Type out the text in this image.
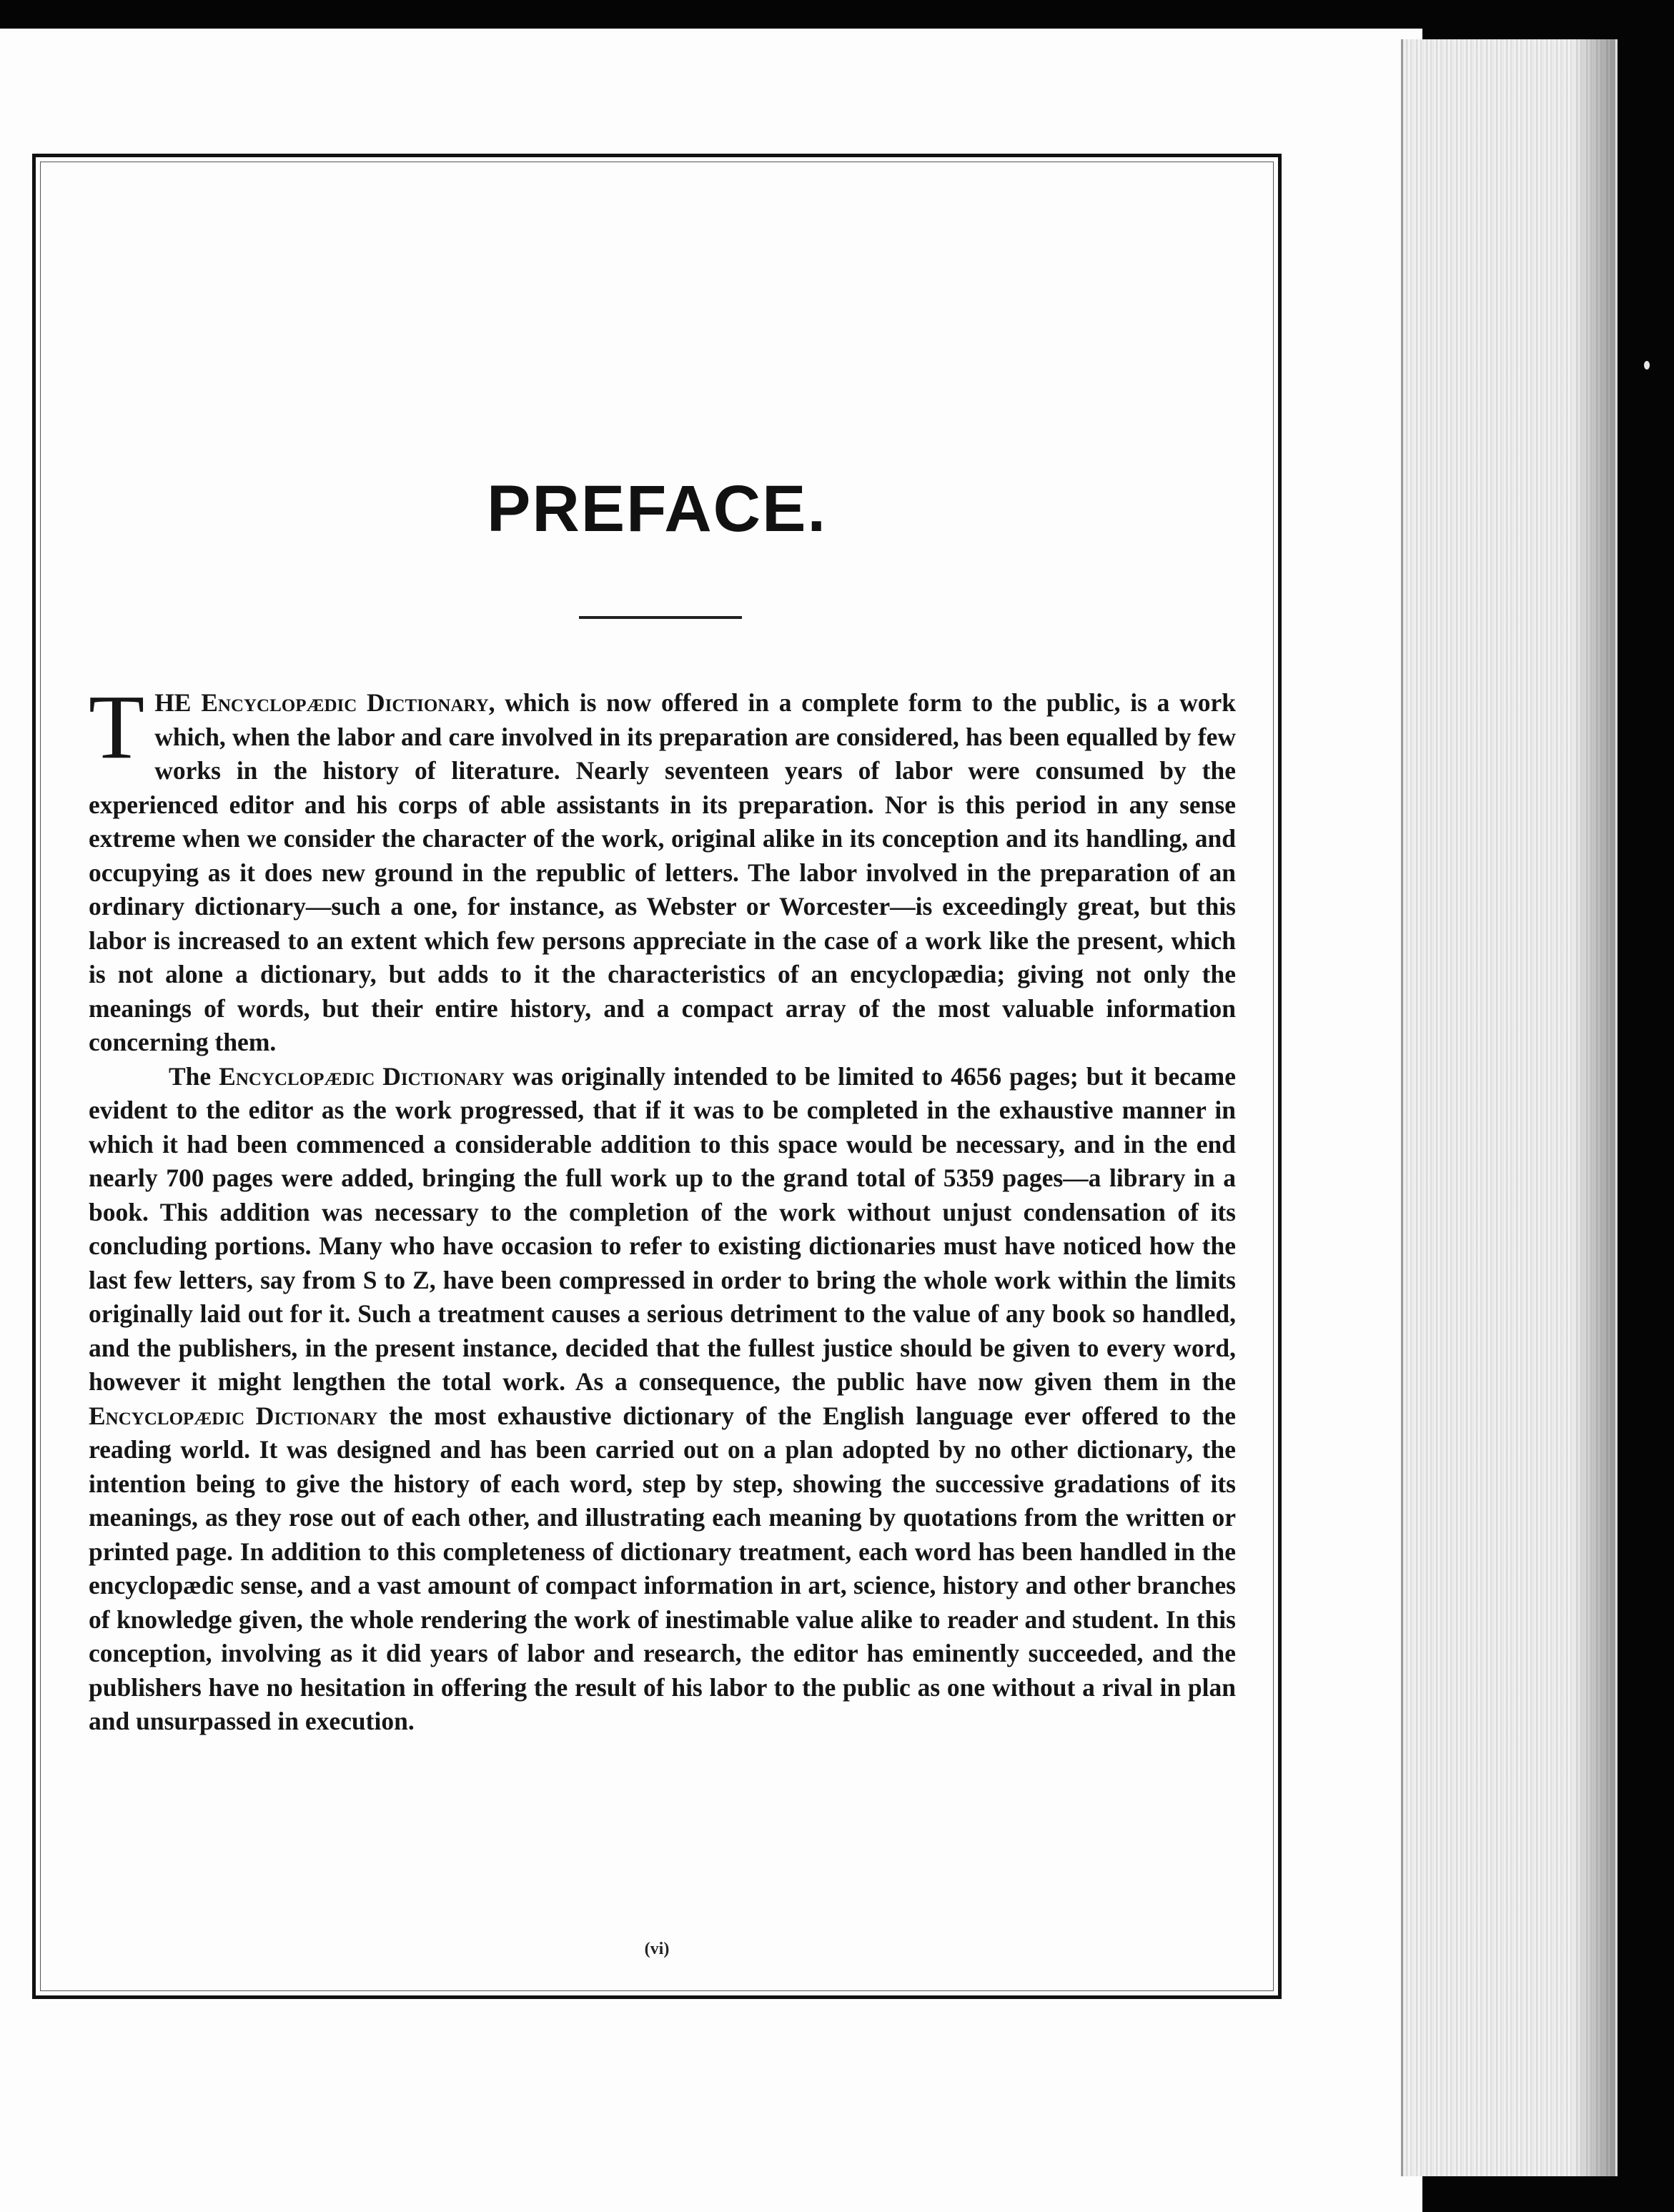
PREFACE.

THE Encyclopædic Dictionary, which is now offered in a complete form to the public, is a work which, when the labor and care involved in its preparation are considered, has been equalled by few works in the history of literature. Nearly seventeen years of labor were consumed by the experienced editor and his corps of able assistants in its preparation. Nor is this period in any sense extreme when we consider the character of the work, original alike in its conception and its handling, and occupying as it does new ground in the republic of letters. The labor involved in the preparation of an ordinary dictionary—such a one, for instance, as Webster or Worcester—is exceedingly great, but this labor is increased to an extent which few persons appreciate in the case of a work like the present, which is not alone a dictionary, but adds to it the characteristics of an encyclopædia; giving not only the meanings of words, but their entire history, and a compact array of the most valuable information concerning them.

The Encyclopædic Dictionary was originally intended to be limited to 4656 pages; but it became evident to the editor as the work progressed, that if it was to be completed in the exhaustive manner in which it had been commenced a considerable addition to this space would be necessary, and in the end nearly 700 pages were added, bringing the full work up to the grand total of 5359 pages—a library in a book. This addition was necessary to the completion of the work without unjust condensation of its concluding portions. Many who have occasion to refer to existing dictionaries must have noticed how the last few letters, say from S to Z, have been compressed in order to bring the whole work within the limits originally laid out for it. Such a treatment causes a serious detriment to the value of any book so handled, and the publishers, in the present instance, decided that the fullest justice should be given to every word, however it might lengthen the total work. As a consequence, the public have now given them in the Encyclopædic Dictionary the most exhaustive dictionary of the English language ever offered to the reading world. It was designed and has been carried out on a plan adopted by no other dictionary, the intention being to give the history of each word, step by step, showing the successive gradations of its meanings, as they rose out of each other, and illustrating each meaning by quotations from the written or printed page. In addition to this completeness of dictionary treatment, each word has been handled in the encyclopædic sense, and a vast amount of compact information in art, science, history and other branches of knowledge given, the whole rendering the work of inestimable value alike to reader and student. In this conception, involving as it did years of labor and research, the editor has eminently succeeded, and the publishers have no hesitation in offering the result of his labor to the public as one without a rival in plan and unsurpassed in execution.

(vi)
